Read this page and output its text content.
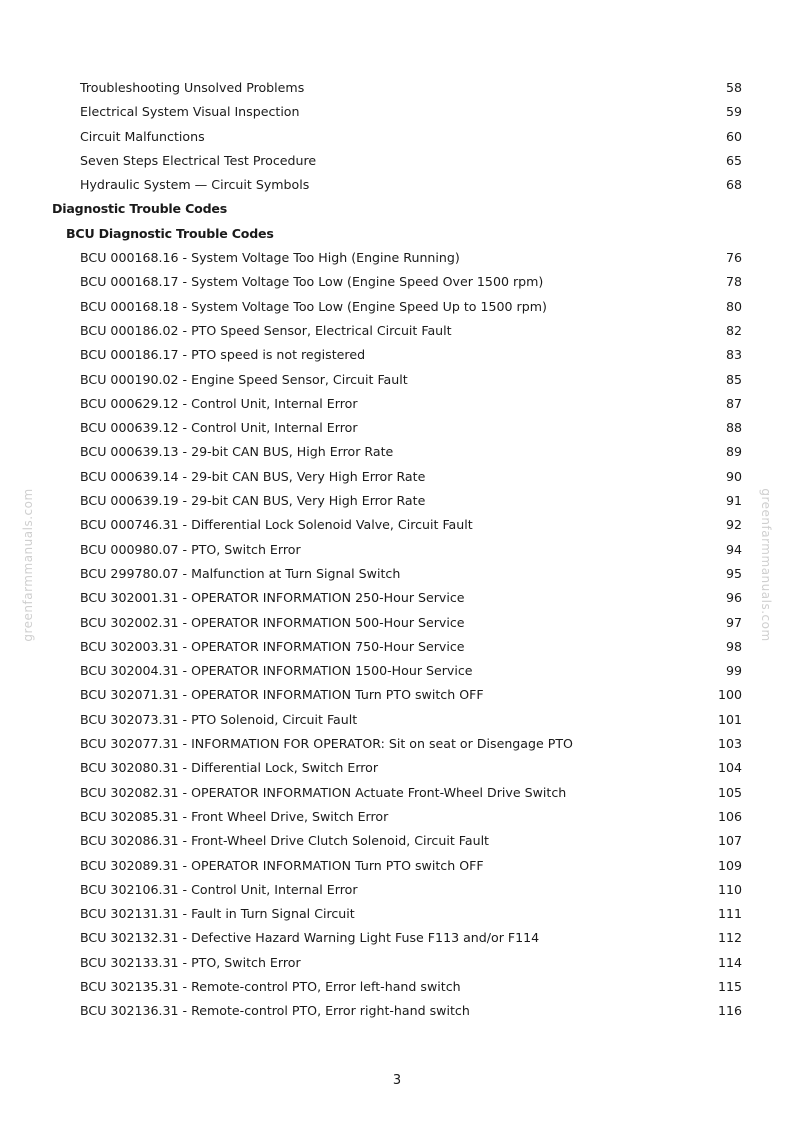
Troubleshooting Unsolved Problems	58
Electrical System Visual Inspection	59
Circuit Malfunctions	60
Seven Steps Electrical Test Procedure	65
Hydraulic System — Circuit Symbols	68
Diagnostic Trouble Codes
BCU Diagnostic Trouble Codes
BCU 000168.16 - System Voltage Too High (Engine Running)	76
BCU 000168.17 - System Voltage Too Low (Engine Speed Over 1500 rpm)	78
BCU 000168.18 - System Voltage Too Low (Engine Speed Up to 1500 rpm)	80
BCU 000186.02 - PTO Speed Sensor, Electrical Circuit Fault	82
BCU 000186.17 - PTO speed is not registered	83
BCU 000190.02 - Engine Speed Sensor, Circuit Fault	85
BCU 000629.12 - Control Unit, Internal Error	87
BCU 000639.12 - Control Unit, Internal Error	88
BCU 000639.13 - 29-bit CAN BUS, High Error Rate	89
BCU 000639.14 - 29-bit CAN BUS, Very High Error Rate	90
BCU 000639.19 - 29-bit CAN BUS, Very High Error Rate	91
BCU 000746.31 - Differential Lock Solenoid Valve, Circuit Fault	92
BCU 000980.07 - PTO, Switch Error	94
BCU 299780.07 - Malfunction at Turn Signal Switch	95
BCU 302001.31 - OPERATOR INFORMATION 250-Hour Service	96
BCU 302002.31 - OPERATOR INFORMATION 500-Hour Service	97
BCU 302003.31 - OPERATOR INFORMATION 750-Hour Service	98
BCU 302004.31 - OPERATOR INFORMATION 1500-Hour Service	99
BCU 302071.31 - OPERATOR INFORMATION Turn PTO switch OFF	100
BCU 302073.31 - PTO Solenoid, Circuit Fault	101
BCU 302077.31 - INFORMATION FOR OPERATOR: Sit on seat or Disengage PTO	103
BCU 302080.31 - Differential Lock, Switch Error	104
BCU 302082.31 - OPERATOR INFORMATION Actuate Front-Wheel Drive Switch	105
BCU 302085.31 - Front Wheel Drive, Switch Error	106
BCU 302086.31 - Front-Wheel Drive Clutch Solenoid, Circuit Fault	107
BCU 302089.31 - OPERATOR INFORMATION Turn PTO switch OFF	109
BCU 302106.31 - Control Unit, Internal Error	110
BCU 302131.31 - Fault in Turn Signal Circuit	111
BCU 302132.31 - Defective Hazard Warning Light Fuse F113 and/or F114	112
BCU 302133.31 - PTO, Switch Error	114
BCU 302135.31 - Remote-control PTO, Error left-hand switch	115
BCU 302136.31 - Remote-control PTO, Error right-hand switch	116
greenfarmmanuals.com	greenfarmmanuals.com
3
